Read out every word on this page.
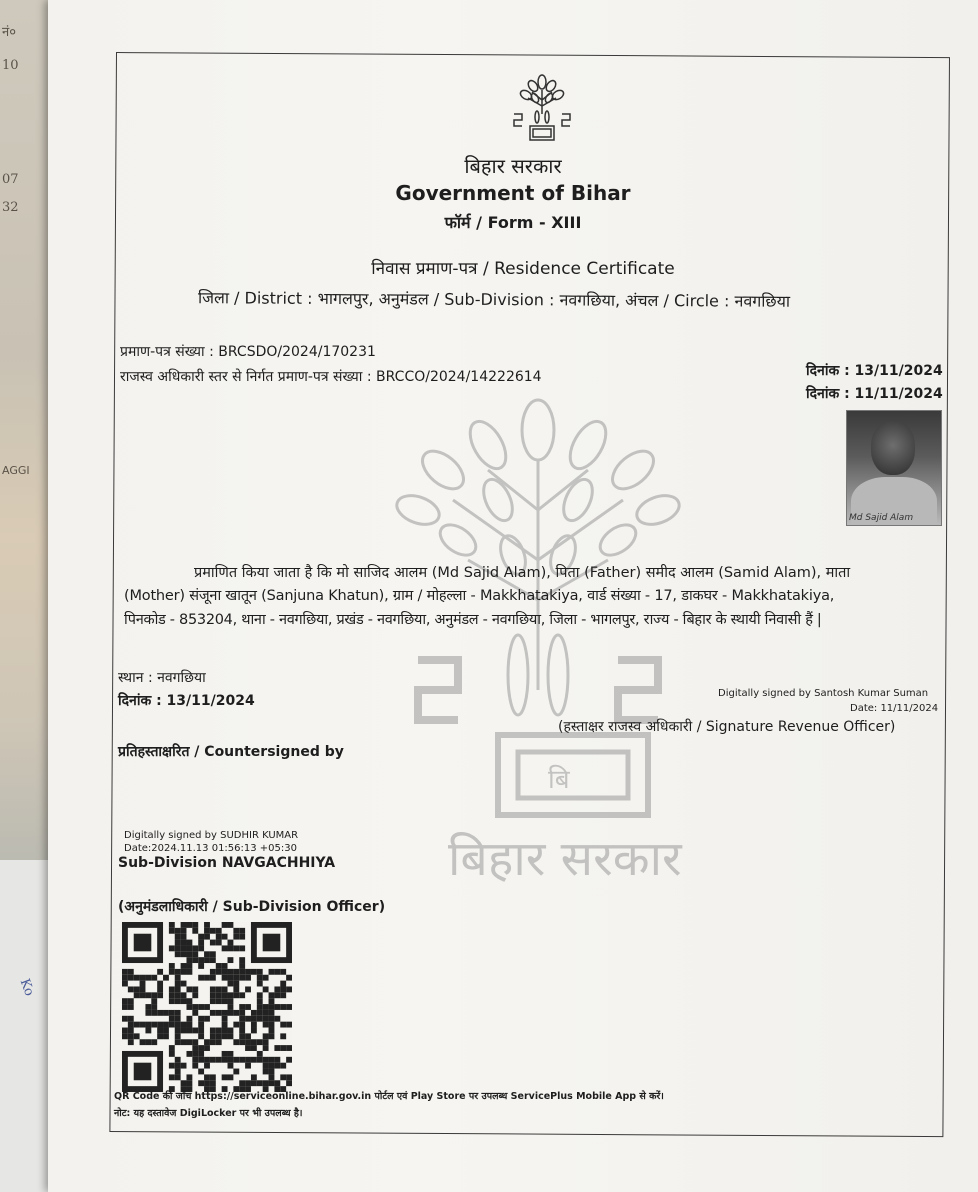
नं०
10
07
32
AGGI
Ko
बिहार सरकार
Government of Bihar
फॉर्म / Form - XIII
निवास प्रमाण-पत्र / Residence Certificate
जिला / District : भागलपुर, अनुमंडल / Sub-Division : नवगछिया, अंचल / Circle : नवगछिया
प्रमाण-पत्र संख्या : BRCSDO/2024/170231
राजस्व अधिकारी स्तर से निर्गत प्रमाण-पत्र संख्या : BRCCO/2024/14222614	दिनांक : 13/11/2024
दिनांक : 11/11/2024
बिहार सरकार
बि
Md Sajid Alam
प्रमाणित किया जाता है कि मो साजिद आलम (Md Sajid Alam), पिता (Father) समीद आलम (Samid Alam), माता
(Mother) संजूना खातून (Sanjuna Khatun), ग्राम / मोहल्ला - Makkhatakiya, वार्ड संख्या - 17, डाकघर - Makkhatakiya,
पिनकोड - 853204, थाना - नवगछिया, प्रखंड - नवगछिया, अनुमंडल - नवगछिया, जिला - भागलपुर, राज्य - बिहार के स्थायी निवासी हैं |
स्थान : नवगछिया
दिनांक : 13/11/2024	Digitally signed by Santosh Kumar Suman
Date: 11/11/2024
(हस्ताक्षर राजस्व अधिकारी / Signature Revenue Officer)
प्रतिहस्ताक्षरित / Countersigned by
Digitally signed by SUDHIR KUMAR
Date:2024.11.13 01:56:13 +05:30
Sub-Division NAVGACHHIYA
(अनुमंडलाधिकारी / Sub-Division Officer)
QR Code की जाँच https://serviceonline.bihar.gov.in पोर्टल एवं Play Store पर उपलब्ध ServicePlus Mobile App से करें।
नोट: यह दस्तावेज DigiLocker पर भी उपलब्ध है।
